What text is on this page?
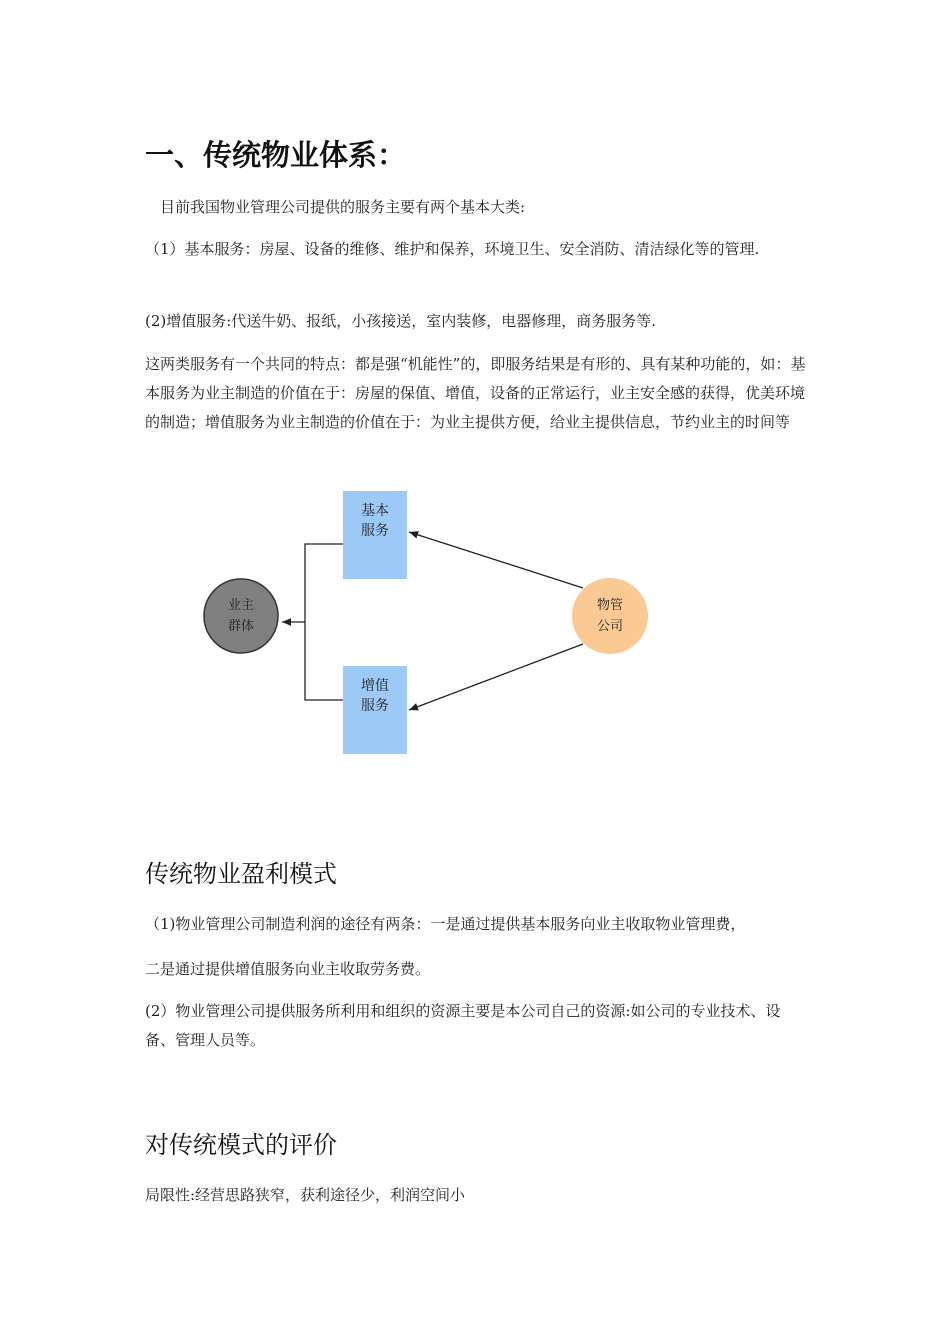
一、传统物业体系：

目前我国物业管理公司提供的服务主要有两个基本大类:

（1）基本服务：房屋、设备的维修、维护和保养，环境卫生、安全消防、清洁绿化等的管理.

(2)增值服务:代送牛奶、报纸，小孩接送，室内装修，电器修理，商务服务等.

这两类服务有一个共同的特点：都是强“机能性”的，即服务结果是有形的、具有某种功能的，如：基本服务为业主制造的价值在于：房屋的保值、增值，设备的正常运行，业主安全感的获得，优美环境的制造；增值服务为业主制造的价值在于：为业主提供方便，给业主提供信息，节约业主的时间等

基本
服务
增值
服务
业主
群体
物管
公司
传统物业盈利模式

（1)物业管理公司制造利润的途径有两条：一是通过提供基本服务向业主收取物业管理费，

二是通过提供增值服务向业主收取劳务费。

(2）物业管理公司提供服务所利用和组织的资源主要是本公司自己的资源:如公司的专业技术、设备、管理人员等。

对传统模式的评价

局限性:经营思路狭窄，获利途径少，利润空间小
